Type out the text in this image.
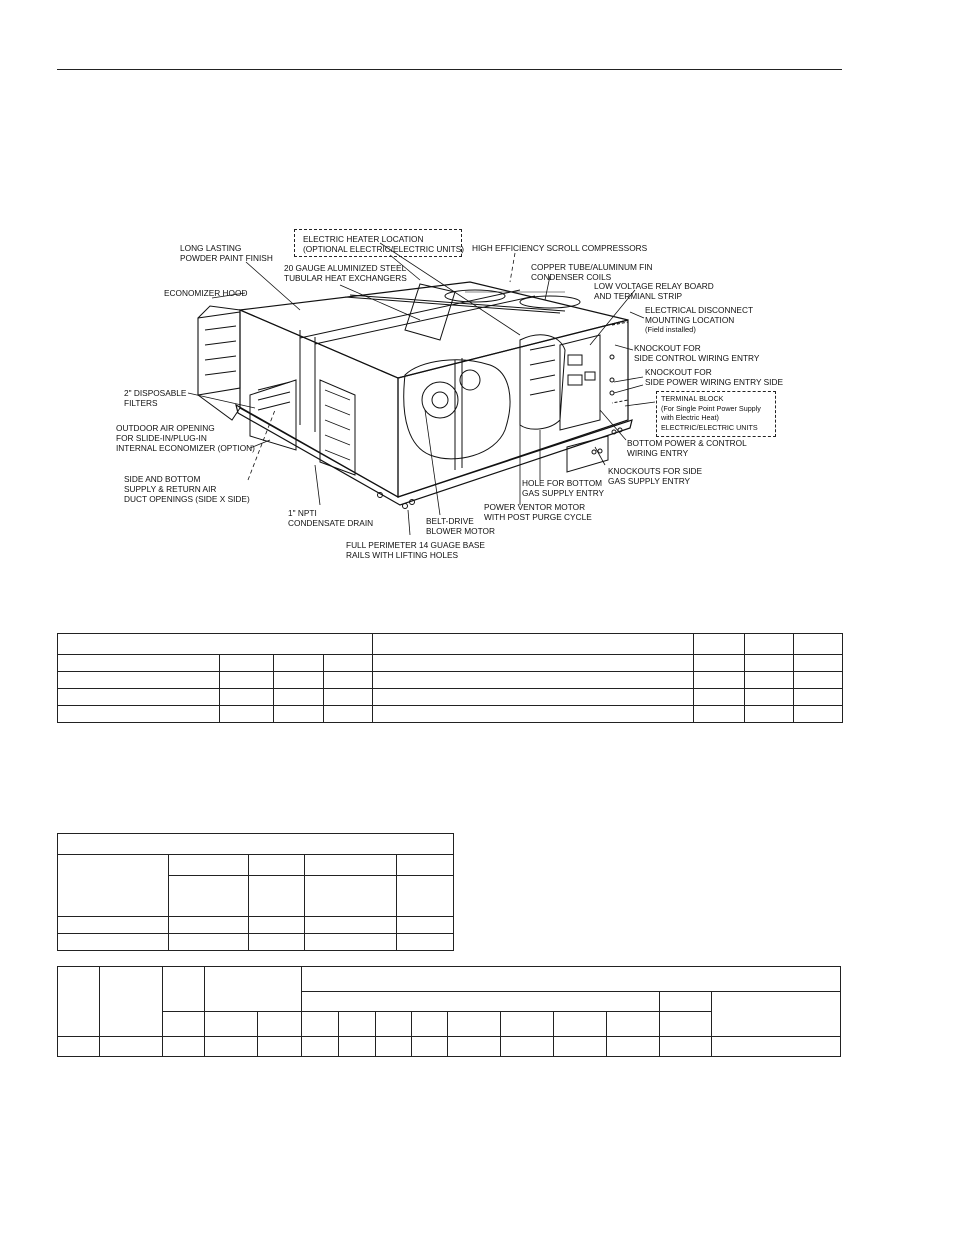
ELECTRIC HEATER LOCATION
(OPTIONAL ELECTRIC/ELECTRIC UNITS)
LONG LASTING
POWDER PAINT FINISH
20 GAUGE ALUMINIZED STEEL
TUBULAR HEAT EXCHANGERS
HIGH EFFICIENCY SCROLL COMPRESSORS
COPPER TUBE/ALUMINUM FIN
CONDENSER COILS
LOW VOLTAGE RELAY BOARD
AND TERMIANL STRIP
ECONOMIZER HOOD
ELECTRICAL DISCONNECT
MOUNTING LOCATION
(Field installed)
KNOCKOUT FOR
SIDE CONTROL WIRING ENTRY
KNOCKOUT FOR
SIDE POWER WIRING ENTRY SIDE
2" DISPOSABLE
FILTERS	TERMINAL BLOCK
(For Single Point Power Supply
with Electric Heat)
ELECTRIC/ELECTRIC UNITS
OUTDOOR AIR OPENING
FOR SLIDE-IN/PLUG-IN
INTERNAL ECONOMIZER (OPTION)	BOTTOM POWER & CONTROL
WIRING ENTRY
KNOCKOUTS FOR SIDE
GAS SUPPLY ENTRY
SIDE AND BOTTOM
SUPPLY & RETURN AIR
DUCT OPENINGS (SIDE X SIDE)
HOLE FOR BOTTOM
GAS SUPPLY ENTRY
POWER VENTOR MOTOR
WITH POST PURGE CYCLE
1" NPTI
CONDENSATE DRAIN	BELT-DRIVE
BLOWER MOTOR
FULL PERIMETER 14 GUAGE BASE
RAILS WITH LIFTING HOLES
